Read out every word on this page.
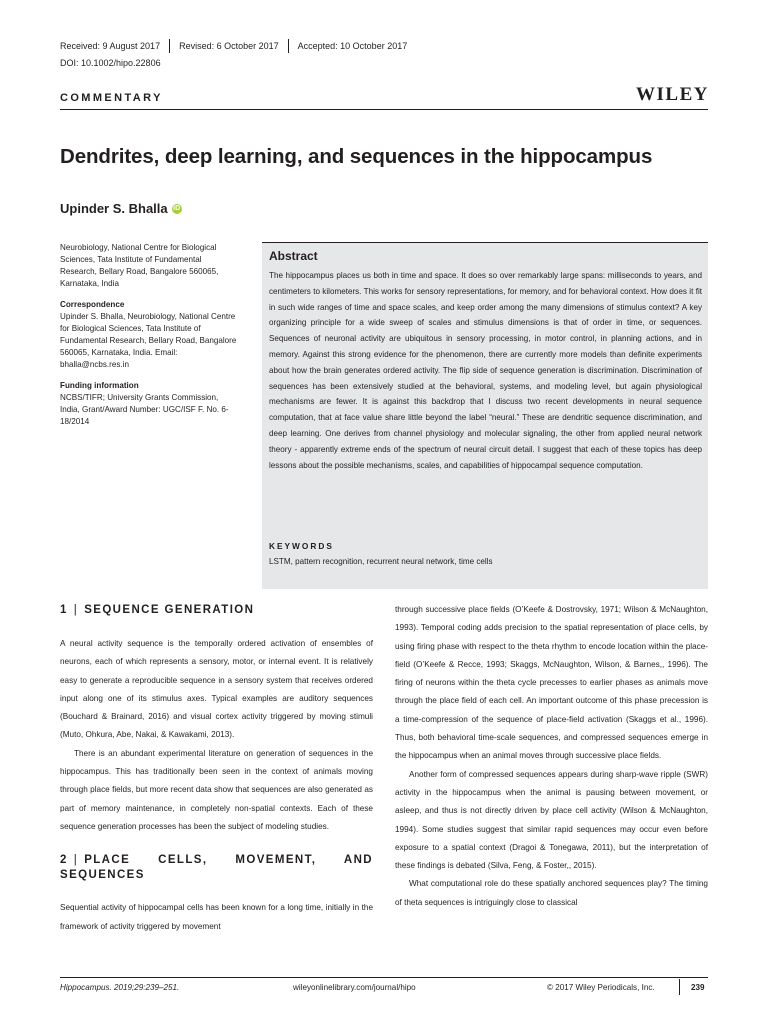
Received: 9 August 2017 Revised: 6 October 2017 Accepted: 10 October 2017
DOI: 10.1002/hipo.22806
COMMENTARY	WILEY
Dendrites, deep learning, and sequences in the hippocampus
Upinder S. Bhalla iD

Neurobiology, National Centre for Biological Sciences, Tata Institute of Fundamental Research, Bellary Road, Bangalore 560065, Karnataka, India

Correspondence

Upinder S. Bhalla, Neurobiology, National Centre for Biological Sciences, Tata Institute of Fundamental Research, Bellary Road, Bangalore 560065, Karnataka, India. Email: bhalla@ncbs.res.in

Funding information

NCBS/TIFR; University Grants Commission, India, Grant/Award Number: UGC/ISF F. No. 6-18/2014

Abstract
The hippocampus places us both in time and space. It does so over remarkably large spans: milliseconds to years, and centimeters to kilometers. This works for sensory representations, for memory, and for behavioral context. How does it fit in such wide ranges of time and space scales, and keep order among the many dimensions of stimulus context? A key organizing principle for a wide sweep of scales and stimulus dimensions is that of order in time, or sequences. Sequences of neuronal activity are ubiquitous in sensory processing, in motor control, in planning actions, and in memory. Against this strong evidence for the phenomenon, there are currently more models than definite experiments about how the brain generates ordered activity. The flip side of sequence generation is discrimination. Discrimination of sequences has been extensively studied at the behavioral, systems, and modeling level, but again physiological mechanisms are fewer. It is against this backdrop that I discuss two recent developments in neural sequence computation, that at face value share little beyond the label “neural.” These are dendritic sequence discrimination, and deep learning. One derives from channel physiology and molecular signaling, the other from applied neural network theory - apparently extreme ends of the spectrum of neural circuit detail. I suggest that each of these topics has deep lessons about the possible mechanisms, scales, and capabilities of hippocampal sequence computation.
KEYWORDS
LSTM, pattern recognition, recurrent neural network, time cells
1 | SEQUENCE GENERATION

A neural activity sequence is the temporally ordered activation of ensembles of neurons, each of which represents a sensory, motor, or internal event. It is relatively easy to generate a reproducible sequence in a sensory system that receives ordered input along one of its stimulus axes. Typical examples are auditory sequences (Bouchard & Brainard, 2016) and visual cortex activity triggered by moving stimuli (Muto, Ohkura, Abe, Nakai, & Kawakami, 2013).

There is an abundant experimental literature on generation of sequences in the hippocampus. This has traditionally been seen in the context of animals moving through place fields, but more recent data show that sequences are also generated as part of memory maintenance, in completely non-spatial contexts. Each of these sequence generation processes has been the subject of modeling studies.

2 | PLACE CELLS, MOVEMENT, AND SEQUENCES

Sequential activity of hippocampal cells has been known for a long time, initially in the framework of activity triggered by movement

through successive place fields (O’Keefe & Dostrovsky, 1971; Wilson & McNaughton, 1993). Temporal coding adds precision to the spatial representation of place cells, by using firing phase with respect to the theta rhythm to encode location within the place-field (O’Keefe & Recce, 1993; Skaggs, McNaughton, Wilson, & Barnes,, 1996). The firing of neurons within the theta cycle precesses to earlier phases as animals move through the place field of each cell. An important outcome of this phase precession is a time-compression of the sequence of place-field activation (Skaggs et al., 1996). Thus, both behavioral time-scale sequences, and compressed sequences emerge in the hippocampus when an animal moves through successive place fields.

Another form of compressed sequences appears during sharp-wave ripple (SWR) activity in the hippocampus when the animal is pausing between movement, or asleep, and thus is not directly driven by place cell activity (Wilson & McNaughton, 1994). Some studies suggest that similar rapid sequences may occur even before exposure to a spatial context (Dragoi & Tonegawa, 2011), but the interpretation of these findings is debated (Silva, Feng, & Foster,, 2015).

What computational role do these spatially anchored sequences play? The timing of theta sequences is intriguingly close to classical

Hippocampus. 2019;29:239–251.	wileyonlinelibrary.com/journal/hipo	© 2017 Wiley Periodicals, Inc.	239
